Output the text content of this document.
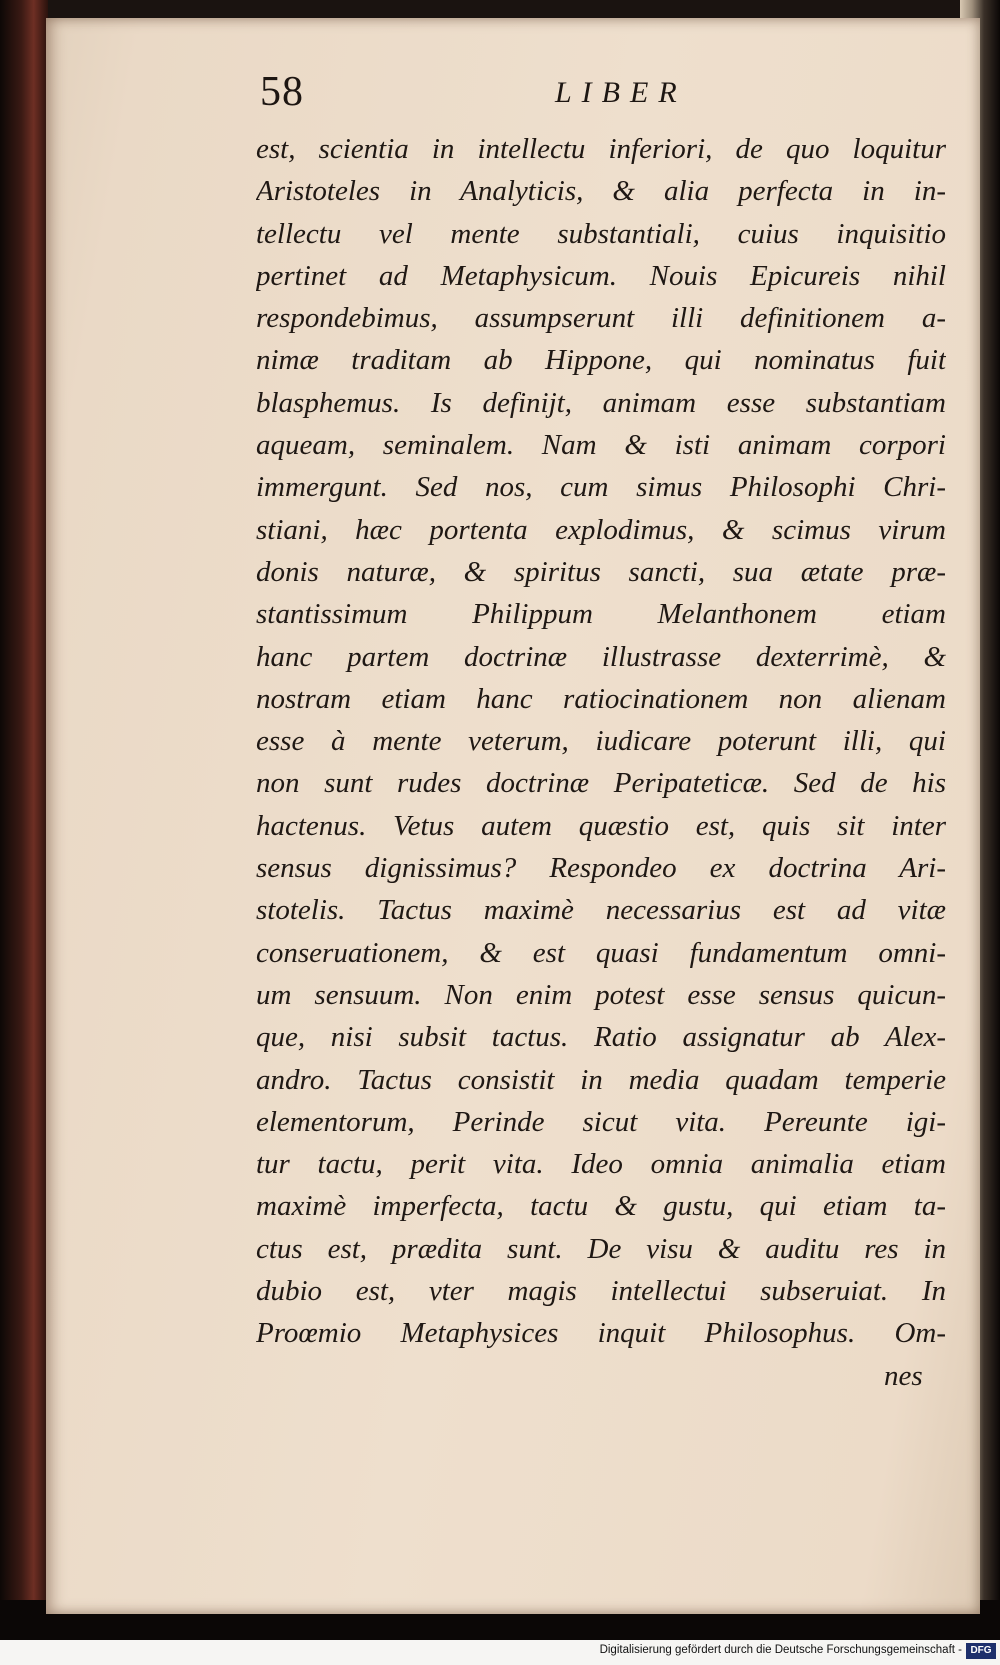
58	LIBER
est, scientia in intellectu inferiori, de quo loquitur
Aristoteles in Analyticis, & alia perfecta in in-
tellectu vel mente substantiali, cuius inquisitio
pertinet ad Metaphysicum. Nouis Epicureis nihil
respondebimus, assumpserunt illi definitionem a-
nimæ traditam ab Hippone, qui nominatus fuit
blasphemus. Is definijt, animam esse substantiam
aqueam, seminalem. Nam & isti animam corpori
immergunt. Sed nos, cum simus Philosophi Chri-
stiani, hæc portenta explodimus, & scimus virum
donis naturæ, & spiritus sancti, sua ætate præ-
stantissimum Philippum Melanthonem etiam
hanc partem doctrinæ illustrasse dexterrimè, &
nostram etiam hanc ratiocinationem non alienam
esse à mente veterum, iudicare poterunt illi, qui
non sunt rudes doctrinæ Peripateticæ. Sed de his
hactenus. Vetus autem quæstio est, quis sit inter
sensus dignissimus? Respondeo ex doctrina Ari-
stotelis. Tactus maximè necessarius est ad vitæ
conseruationem, & est quasi fundamentum omni-
um sensuum. Non enim potest esse sensus quicun-
que, nisi subsit tactus. Ratio assignatur ab Alex-
andro. Tactus consistit in media quadam temperie
elementorum, Perinde sicut vita. Pereunte igi-
tur tactu, perit vita. Ideo omnia animalia etiam
maximè imperfecta, tactu & gustu, qui etiam ta-
ctus est, prædita sunt. De visu & auditu res in
dubio est, vter magis intellectui subseruiat. In
Proœmio Metaphysices inquit Philosophus. Om-
nes
Digitalisierung gefördert durch die Deutsche Forschungsgemeinschaft - DFG
